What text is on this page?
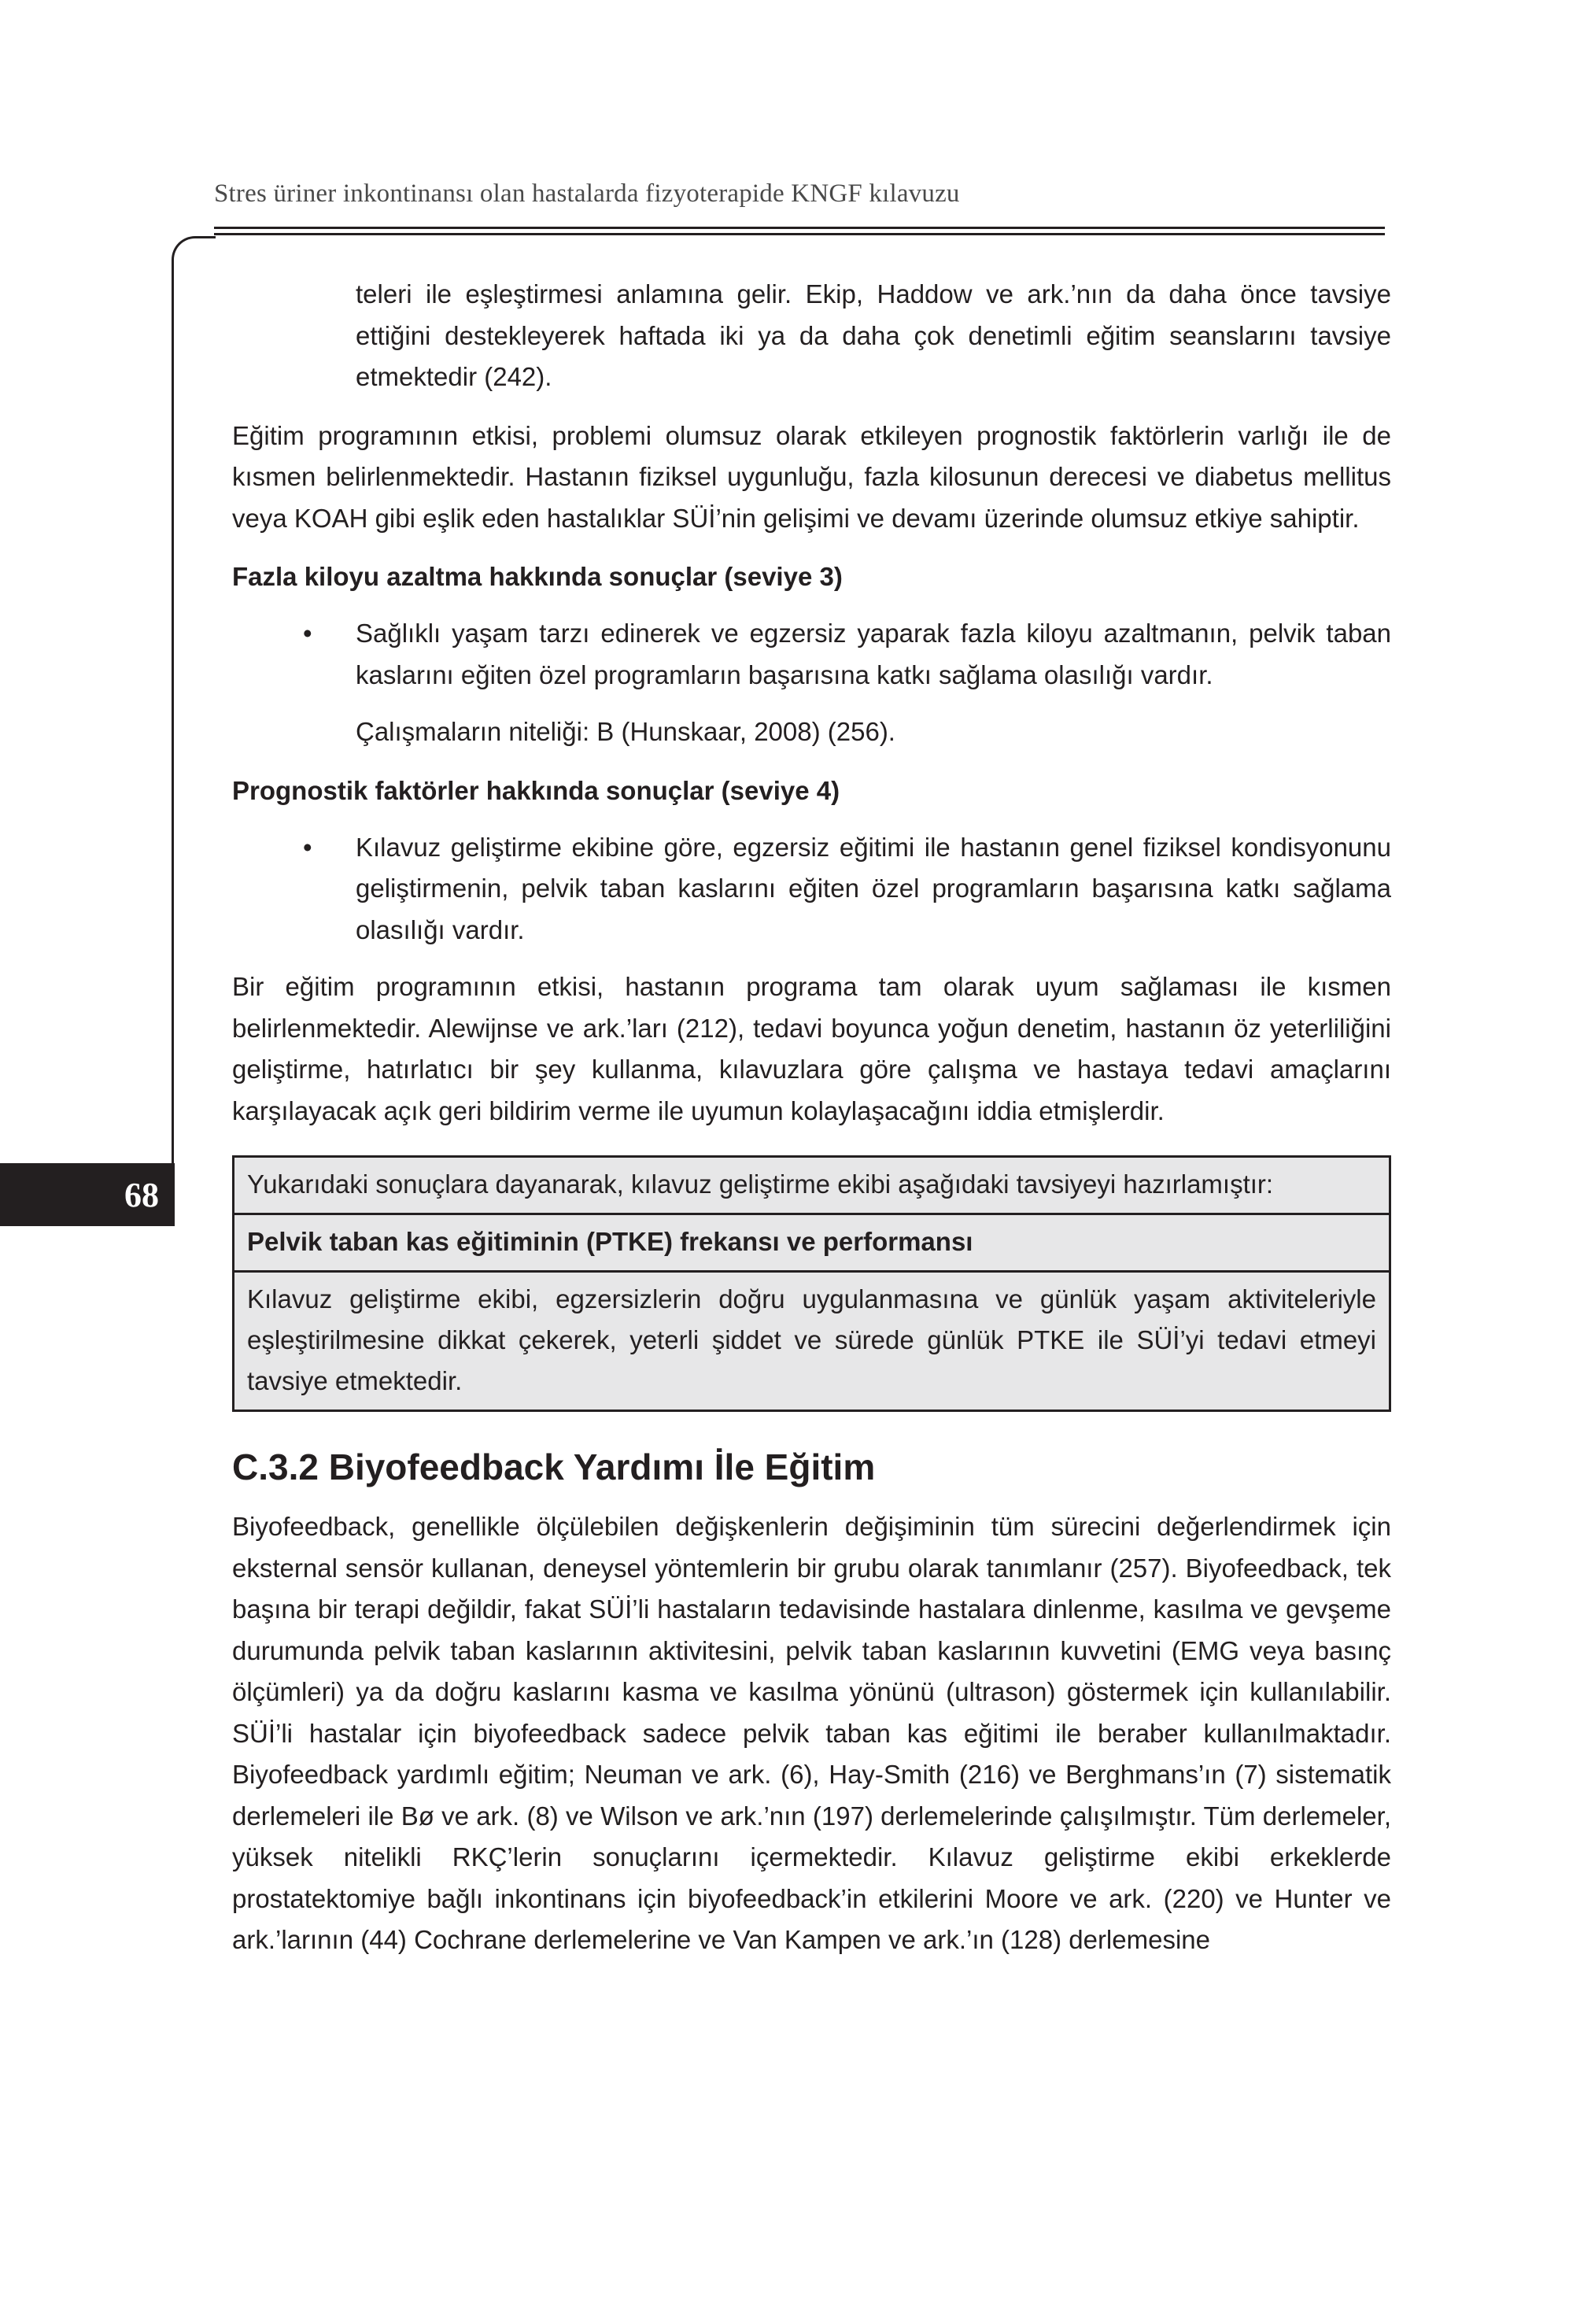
Stres üriner inkontinansı olan hastalarda fizyoterapide KNGF kılavuzu
68

teleri ile eşleştirmesi anlamına gelir. Ekip, Haddow ve ark.’nın da daha önce tavsiye ettiğini destekleyerek haftada iki ya da daha çok denetimli eğitim seanslarını tavsiye etmektedir (242).

Eğitim programının etkisi, problemi olumsuz olarak etkileyen prognostik faktörlerin varlığı ile de kısmen belirlenmektedir. Hastanın fiziksel uygunluğu, fazla kilosunun derecesi ve diabetus mellitus veya KOAH gibi eşlik eden hastalıklar SÜİ’nin gelişimi ve devamı üzerinde olumsuz etkiye sahiptir.

Fazla kiloyu azaltma hakkında sonuçlar (seviye 3)

• Sağlıklı yaşam tarzı edinerek ve egzersiz yaparak fazla kiloyu azaltmanın, pelvik taban kaslarını eğiten özel programların başarısına katkı sağlama olasılığı vardır.

Çalışmaların niteliği: B (Hunskaar, 2008) (256).

Prognostik faktörler hakkında sonuçlar (seviye 4)

• Kılavuz geliştirme ekibine göre, egzersiz eğitimi ile hastanın genel fiziksel kondisyonunu geliştirmenin, pelvik taban kaslarını eğiten özel programların başarısına katkı sağlama olasılığı vardır.

Bir eğitim programının etkisi, hastanın programa tam olarak uyum sağlaması ile kısmen belirlenmektedir. Alewijnse ve ark.’ları (212), tedavi boyunca yoğun denetim, hastanın öz yeterliliğini geliştirme, hatırlatıcı bir şey kullanma, kılavuzlara göre çalışma ve hastaya tedavi amaçlarını karşılayacak açık geri bildirim verme ile uyumun kolaylaşacağını iddia etmişlerdir.

Yukarıdaki sonuçlara dayanarak, kılavuz geliştirme ekibi aşağıdaki tavsiyeyi hazırlamıştır:
Pelvik taban kas eğitiminin (PTKE) frekansı ve performansı
Kılavuz geliştirme ekibi, egzersizlerin doğru uygulanmasına ve günlük yaşam aktiviteleriyle eşleştirilmesine dikkat çekerek, yeterli şiddet ve sürede günlük PTKE ile SÜİ’yi tedavi etmeyi tavsiye etmektedir.
C.3.2 Biyofeedback Yardımı İle Eğitim

Biyofeedback, genellikle ölçülebilen değişkenlerin değişiminin tüm sürecini değerlendirmek için eksternal sensör kullanan, deneysel yöntemlerin bir grubu olarak tanımlanır (257). Biyofeedback, tek başına bir terapi değildir, fakat SÜİ’li hastaların tedavisinde hastalara dinlenme, kasılma ve gevşeme durumunda pelvik taban kaslarının aktivitesini, pelvik taban kaslarının kuvvetini (EMG veya basınç ölçümleri) ya da doğru kaslarını kasma ve kasılma yönünü (ultrason) göstermek için kullanılabilir. SÜİ’li hastalar için biyofeedback sadece pelvik taban kas eğitimi ile beraber kullanılmaktadır. Biyofeedback yardımlı eğitim; Neuman ve ark. (6), Hay-Smith (216) ve Berghmans’ın (7) sistematik derlemeleri ile Bø ve ark. (8) ve Wilson ve ark.’nın (197) derlemelerinde çalışılmıştır. Tüm derlemeler, yüksek nitelikli RKÇ’lerin sonuçlarını içermektedir. Kılavuz geliştirme ekibi erkeklerde prostatektomiye bağlı inkontinans için biyofeedback’in etkilerini Moore ve ark. (220) ve Hunter ve ark.’larının (44) Cochrane derlemelerine ve Van Kampen ve ark.’ın (128) derlemesine
